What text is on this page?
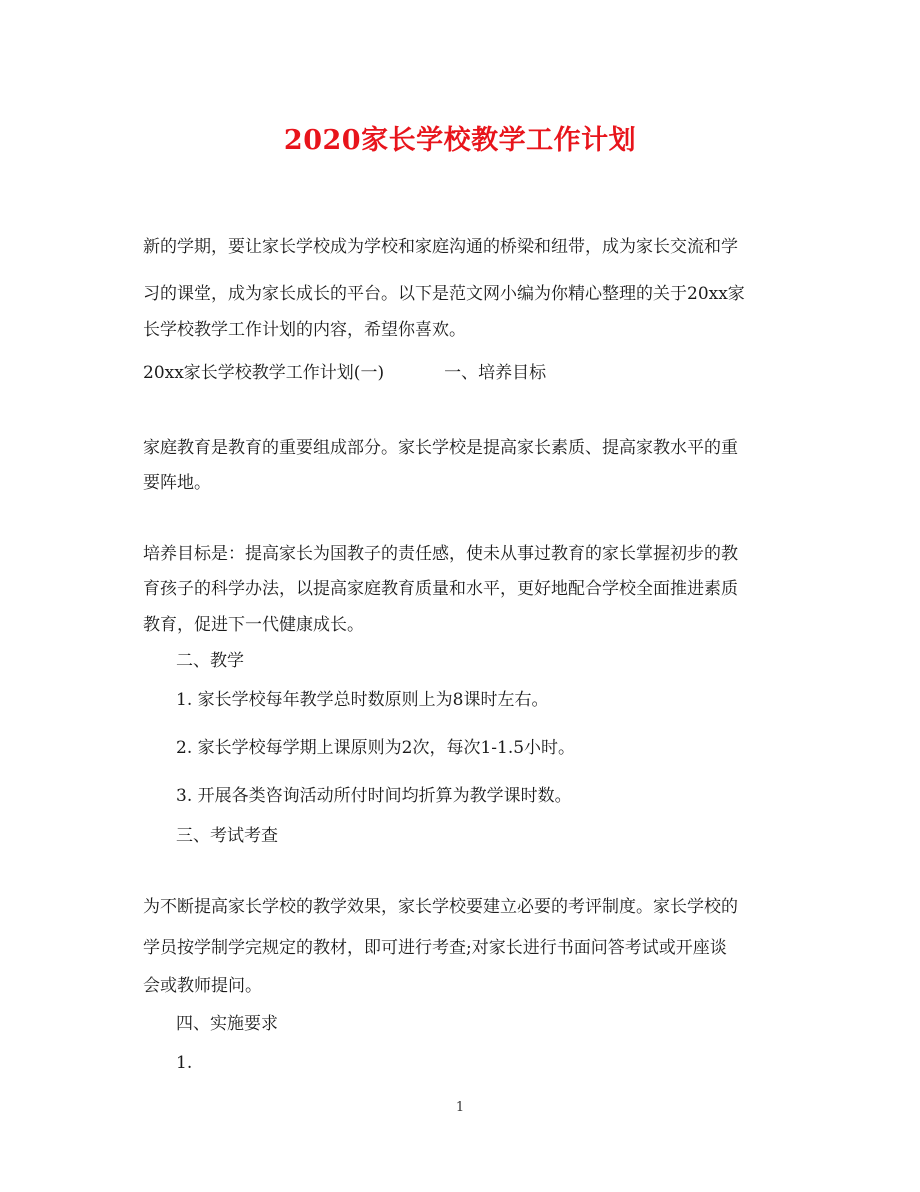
2020家长学校教学工作计划
新的学期，要让家长学校成为学校和家庭沟通的桥梁和纽带，成为家长交流和学
习的课堂，成为家长成长的平台。以下是范文网小编为你精心整理的关于20xx家
长学校教学工作计划的内容，希望你喜欢。
20xx家长学校教学工作计划(一)	一、培养目标
家庭教育是教育的重要组成部分。家长学校是提高家长素质、提高家教水平的重
要阵地。
培养目标是：提高家长为国教子的责任感，使未从事过教育的家长掌握初步的教
育孩子的科学办法，以提高家庭教育质量和水平，更好地配合学校全面推进素质
教育，促进下一代健康成长。
二、教学
1. 家长学校每年教学总时数原则上为8课时左右。
2. 家长学校每学期上课原则为2次，每次1-1.5小时。
3. 开展各类咨询活动所付时间均折算为教学课时数。
三、考试考查
为不断提高家长学校的教学效果，家长学校要建立必要的考评制度。家长学校的
学员按学制学完规定的教材，即可进行考查;对家长进行书面问答考试或开座谈
会或教师提问。
四、实施要求
1.
1
